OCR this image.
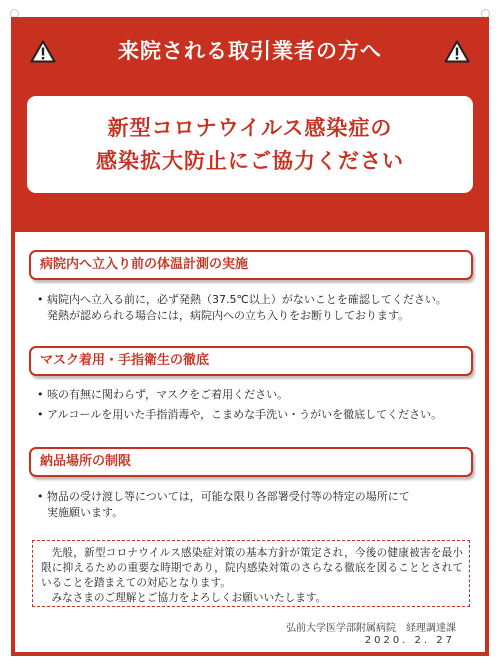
来院される取引業者の方へ
新型コロナウイルス感染症の
感染拡大防止にご協力ください
病院内へ立入り前の体温計測の実施
• 病院内へ立入る前に，必ず発熱（37.5℃以上）がないことを確認してください。
発熱が認められる場合には，病院内への立ち入りをお断りしております。
マスク着用・手指衛生の徹底
• 咳の有無に関わらず，マスクをご着用ください。
• アルコールを用いた手指消毒や，こまめな手洗い・うがいを徹底してください。
納品場所の制限
• 物品の受け渡し等については，可能な限り各部署受付等の特定の場所にて
実施願います。

先般，新型コロナウイルス感染症対策の基本方針が策定され，今後の健康被害を最小限に抑えるための重要な時期であり，院内感染対策のさらなる徹底を図ることとされていることを踏まえての対応となります。

みなさまのご理解とご協力をよろしくお願いいたします。

弘前大学医学部附属病院　経理調達課
2020. 2. 27
